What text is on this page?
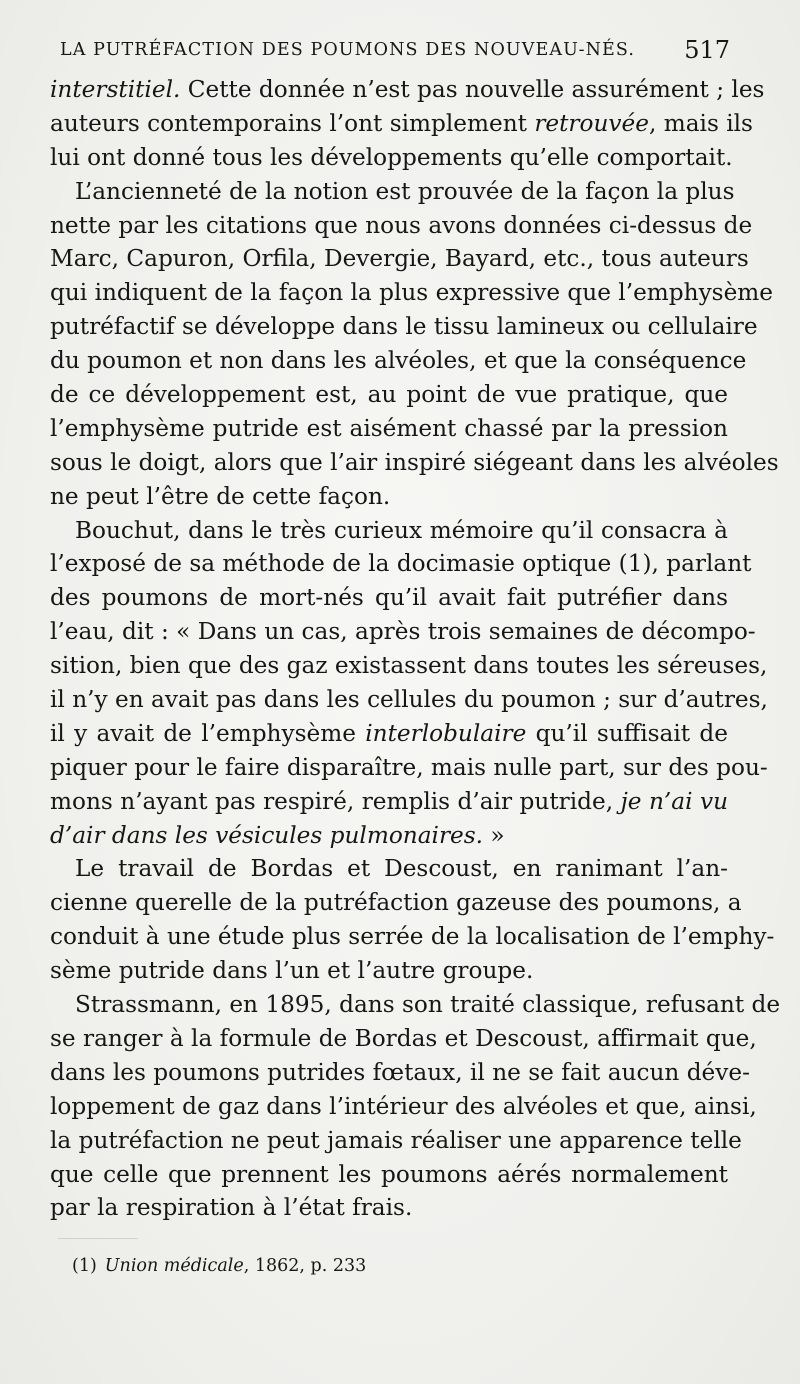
LA PUTRÉFACTION DES POUMONS DES NOUVEAU-NÉS. 517
interstitiel. Cette donnée n’est pas nouvelle assurément ; les
auteurs contemporains l’ont simplement retrouvée, mais ils
lui ont donné tous les développements qu’elle comportait.
L’ancienneté de la notion est prouvée de la façon la plus
nette par les citations que nous avons données ci-dessus de
Marc, Capuron, Orfila, Devergie, Bayard, etc., tous auteurs
qui indiquent de la façon la plus expressive que l’emphysème
putréfactif se développe dans le tissu lamineux ou cellulaire
du poumon et non dans les alvéoles, et que la conséquence
de ce développement est, au point de vue pratique, que
l’emphysème putride est aisément chassé par la pression
sous le doigt, alors que l’air inspiré siégeant dans les alvéoles
ne peut l’être de cette façon.
Bouchut, dans le très curieux mémoire qu’il consacra à
l’exposé de sa méthode de la docimasie optique (1), parlant
des poumons de mort-nés qu’il avait fait putréfier dans
l’eau, dit : « Dans un cas, après trois semaines de décompo-
sition, bien que des gaz existassent dans toutes les séreuses,
il n’y en avait pas dans les cellules du poumon ; sur d’autres,
il y avait de l’emphysème interlobulaire qu’il suffisait de
piquer pour le faire disparaître, mais nulle part, sur des pou-
mons n’ayant pas respiré, remplis d’air putride, je n’ai vu
d’air dans les vésicules pulmonaires. »
Le travail de Bordas et Descoust, en ranimant l’an-
cienne querelle de la putréfaction gazeuse des poumons, a
conduit à une étude plus serrée de la localisation de l’emphy-
sème putride dans l’un et l’autre groupe.
Strassmann, en 1895, dans son traité classique, refusant de
se ranger à la formule de Bordas et Descoust, affirmait que,
dans les poumons putrides fœtaux, il ne se fait aucun déve-
loppement de gaz dans l’intérieur des alvéoles et que, ainsi,
la putréfaction ne peut jamais réaliser une apparence telle
que celle que prennent les poumons aérés normalement
par la respiration à l’état frais.
(1) Union médicale, 1862, p. 233
